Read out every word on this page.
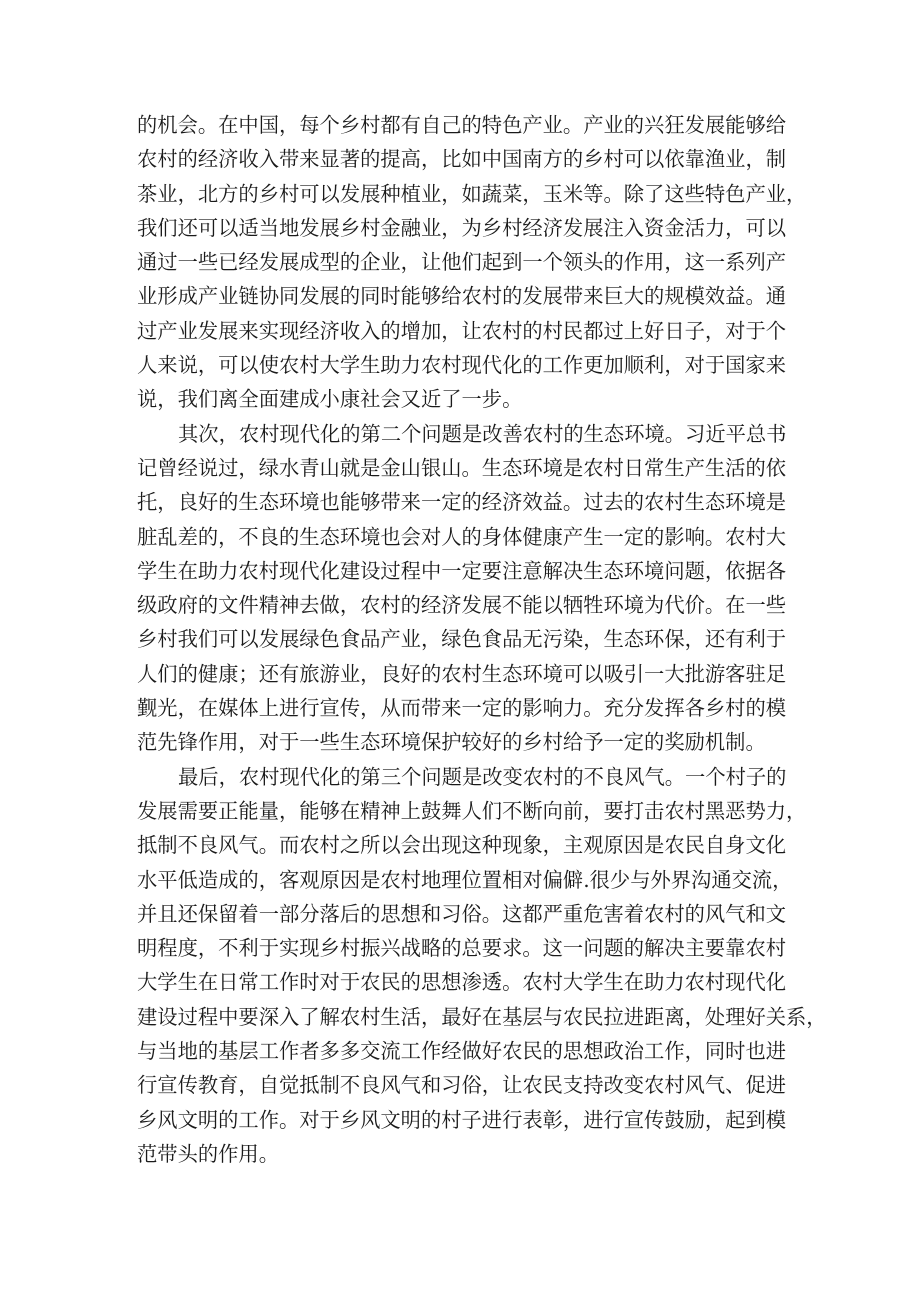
的机会。在中国，每个乡村都有自己的特色产业。产业的兴狂发展能够给
农村的经济收入带来显著的提高，比如中国南方的乡村可以依靠渔业，制
茶业，北方的乡村可以发展种植业，如蔬菜，玉米等。除了这些特色产业，
我们还可以适当地发展乡村金融业，为乡村经济发展注入资金活力，可以
通过一些已经发展成型的企业，让他们起到一个领头的作用，这一系列产
业形成产业链协同发展的同时能够给农村的发展带来巨大的规模效益。通
过产业发展来实现经济收入的增加，让农村的村民都过上好日子，对于个
人来说，可以使农村大学生助力农村现代化的工作更加顺利，对于国家来
说，我们离全面建成小康社会又近了一步。
其次，农村现代化的第二个问题是改善农村的生态环境。习近平总书
记曾经说过，绿水青山就是金山银山。生态环境是农村日常生产生活的依
托，良好的生态环境也能够带来一定的经济效益。过去的农村生态环境是
脏乱差的，不良的生态环境也会对人的身体健康产生一定的影响。农村大
学生在助力农村现代化建设过程中一定要注意解决生态环境问题，依据各
级政府的文件精神去做，农村的经济发展不能以牺牲环境为代价。在一些
乡村我们可以发展绿色食品产业，绿色食品无污染，生态环保，还有利于
人们的健康；还有旅游业，良好的农村生态环境可以吸引一大批游客驻足
觐光，在媒体上进行宣传，从而带来一定的影响力。充分发挥各乡村的模
范先锋作用，对于一些生态环境保护较好的乡村给予一定的奖励机制。
最后，农村现代化的第三个问题是改变农村的不良风气。一个村子的
发展需要正能量，能够在精神上鼓舞人们不断向前，要打击农村黑恶势力，
抵制不良风气。而农村之所以会出现这种现象，主观原因是农民自身文化
水平低造成的，客观原因是农村地理位置相对偏僻.很少与外界沟通交流，
并且还保留着一部分落后的思想和习俗。这都严重危害着农村的风气和文
明程度，不利于实现乡村振兴战略的总要求。这一问题的解决主要靠农村
大学生在日常工作时对于农民的思想渗透。农村大学生在助力农村现代化
建设过程中要深入了解农村生活，最好在基层与农民拉进距离，处理好关系，
与当地的基层工作者多多交流工作经做好农民的思想政治工作，同时也进
行宣传教育，自觉抵制不良风气和习俗，让农民支持改变农村风气、促进
乡风文明的工作。对于乡风文明的村子进行表彰，进行宣传鼓励，起到模
范带头的作用。
